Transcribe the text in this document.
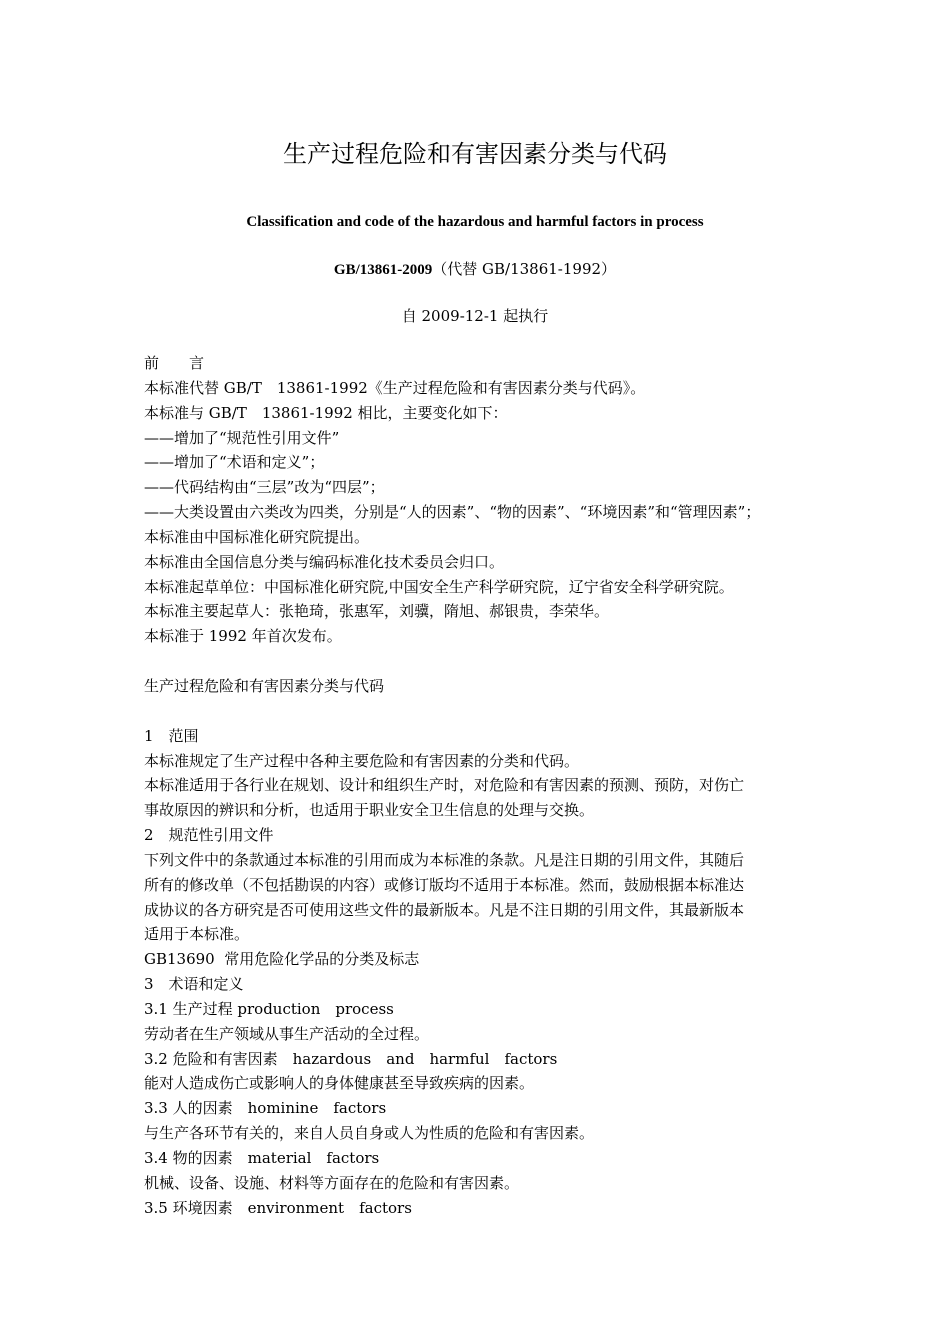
生产过程危险和有害因素分类与代码

Classification and code of the hazardous and harmful factors in process

GB/13861-2009（代替 GB/13861-1992）

自 2009-12-1 起执行

前　　言
本标准代替 GB/T　13861-1992《生产过程危险和有害因素分类与代码》。
本标准与 GB/T　13861-1992 相比，主要变化如下：
——增加了“规范性引用文件”
——增加了“术语和定义”；
——代码结构由“三层”改为“四层”；
——大类设置由六类改为四类，分别是“人的因素”、“物的因素”、“环境因素”和“管理因素”；
本标准由中国标准化研究院提出。
本标准由全国信息分类与编码标准化技术委员会归口。
本标准起草单位：中国标准化研究院,中国安全生产科学研究院，辽宁省安全科学研究院。
本标准主要起草人：张艳琦，张惠军，刘骥，隋旭、郝银贵，李荣华。
本标准于 1992 年首次发布。
生产过程危险和有害因素分类与代码
1　范围
本标准规定了生产过程中各种主要危险和有害因素的分类和代码。
本标准适用于各行业在规划、设计和组织生产时，对危险和有害因素的预测、预防，对伤亡
事故原因的辨识和分析，也适用于职业安全卫生信息的处理与交换。
2　规范性引用文件
下列文件中的条款通过本标准的引用而成为本标准的条款。凡是注日期的引用文件，其随后
所有的修改单（不包括勘误的内容）或修订版均不适用于本标准。然而，鼓励根据本标准达
成协议的各方研究是否可使用这些文件的最新版本。凡是不注日期的引用文件，其最新版本
适用于本标准。
GB13690  常用危险化学品的分类及标志
3　术语和定义
3.1 生产过程 production　process
劳动者在生产领域从事生产活动的全过程。
3.2 危险和有害因素　hazardous　and　harmful　factors
能对人造成伤亡或影响人的身体健康甚至导致疾病的因素。
3.3 人的因素　hominine　factors
与生产各环节有关的，来自人员自身或人为性质的危险和有害因素。
3.4 物的因素　material　factors
机械、设备、设施、材料等方面存在的危险和有害因素。
3.5 环境因素　environment　factors
